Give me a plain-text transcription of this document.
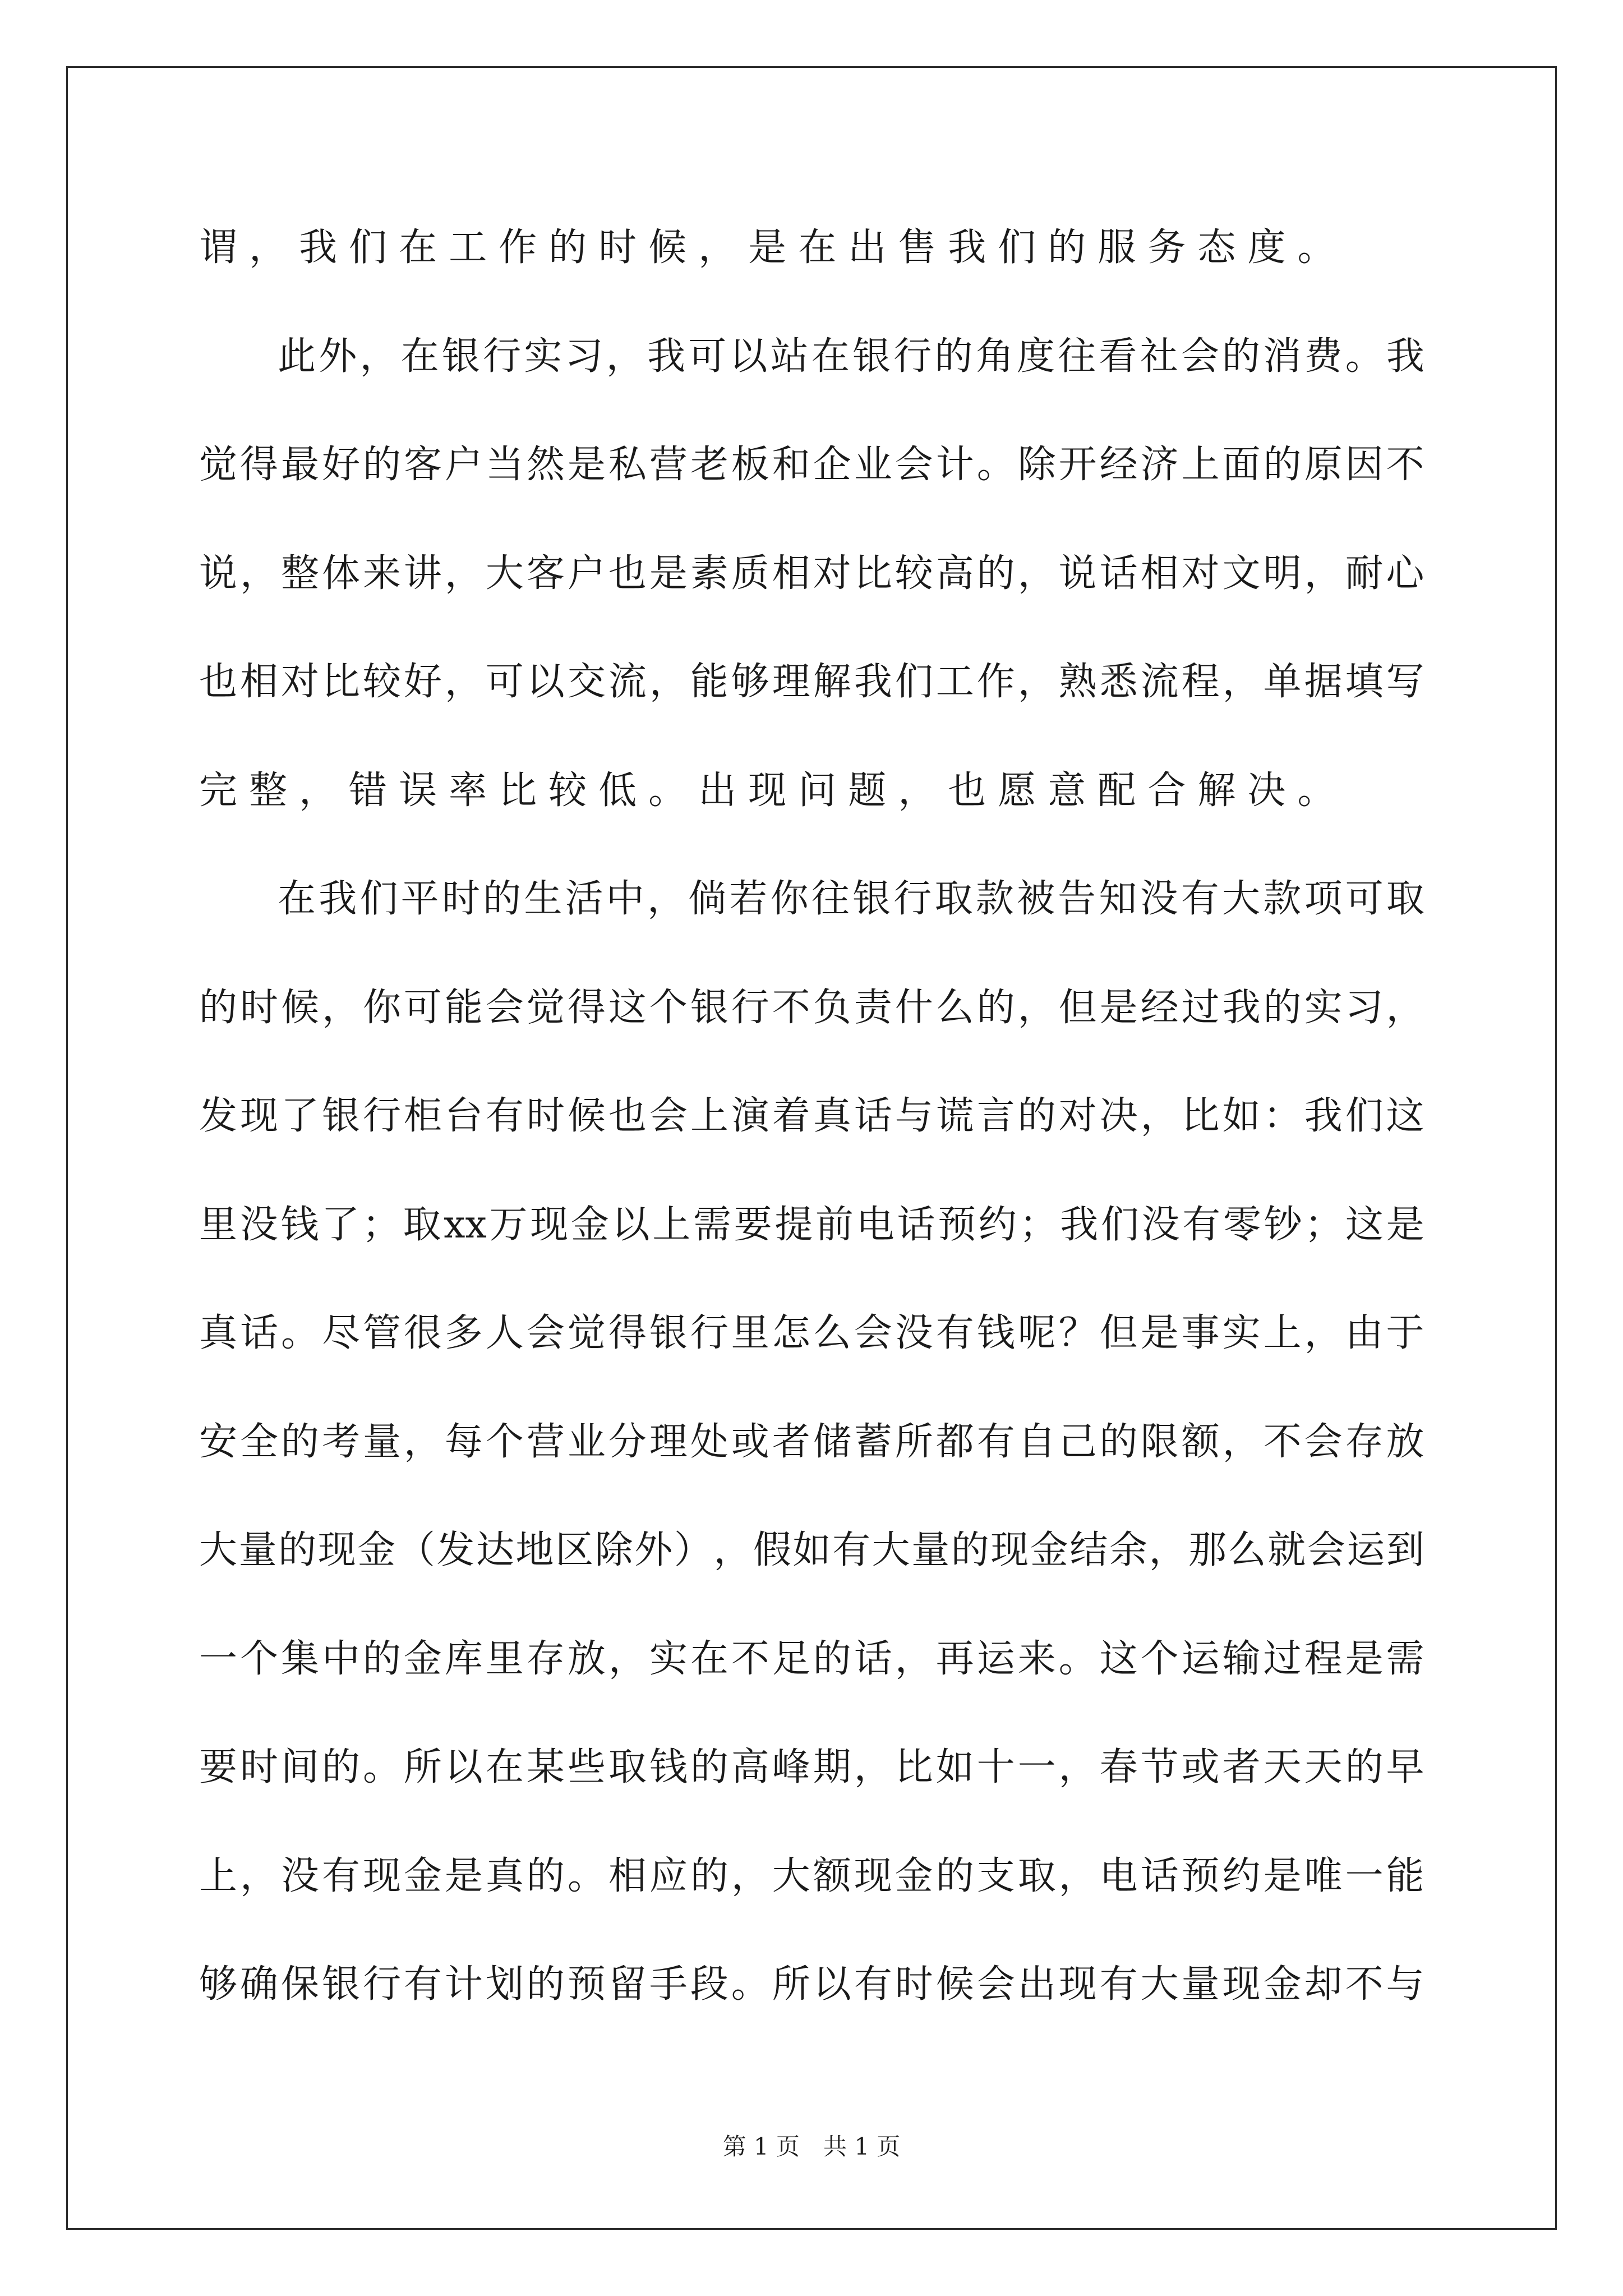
谓 ， 我 们 在 工 作 的 时 候 ， 是 在 出 售 我 们 的 服 务 态 度 。
此 外 ， 在 银 行 实 习 ， 我 可 以 站 在 银 行 的 角 度 往 看 社 会 的 消 费 。 我
觉 得 最 好 的 客 户 当 然 是 私 营 老 板 和 企 业 会 计 。 除 开 经 济 上 面 的 原 因 不
说 ， 整 体 来 讲 ， 大 客 户 也 是 素 质 相 对 比 较 高 的 ， 说 话 相 对 文 明 ， 耐 心
也 相 对 比 较 好 ， 可 以 交 流 ， 能 够 理 解 我 们 工 作 ， 熟 悉 流 程 ， 单 据 填 写
完 整 ， 错 误 率 比 较 低 。 出 现 问 题 ， 也 愿 意 配 合 解 决 。
在 我 们 平 时 的 生 活 中 ， 倘 若 你 往 银 行 取 款 被 告 知 没 有 大 款 项 可 取
的 时 候 ， 你 可 能 会 觉 得 这 个 银 行 不 负 责 什 么 的 ， 但 是 经 过 我 的 实 习 ，
发 现 了 银 行 柜 台 有 时 候 也 会 上 演 着 真 话 与 谎 言 的 对 决 ， 比 如 ： 我 们 这
里 没 钱 了 ； 取 xx 万 现 金 以 上 需 要 提 前 电 话 预 约 ； 我 们 没 有 零 钞 ； 这 是
真 话 。 尽 管 很 多 人 会 觉 得 银 行 里 怎 么 会 没 有 钱 呢 ？ 但 是 事 实 上 ， 由 于
安 全 的 考 量 ， 每 个 营 业 分 理 处 或 者 储 蓄 所 都 有 自 己 的 限 额 ， 不 会 存 放
大 量 的 现 金 （ 发 达 地 区 除 外 ） ， 假 如 有 大 量 的 现 金 结 余 ， 那 么 就 会 运 到
一 个 集 中 的 金 库 里 存 放 ， 实 在 不 足 的 话 ， 再 运 来 。 这 个 运 输 过 程 是 需
要 时 间 的 。 所 以 在 某 些 取 钱 的 高 峰 期 ， 比 如 十 一 ， 春 节 或 者 天 天 的 早
上 ， 没 有 现 金 是 真 的 。 相 应 的 ， 大 额 现 金 的 支 取 ， 电 话 预 约 是 唯 一 能
够 确 保 银 行 有 计 划 的 预 留 手 段 。 所 以 有 时 候 会 出 现 有 大 量 现 金 却 不 与
第 1 页　共 1 页
